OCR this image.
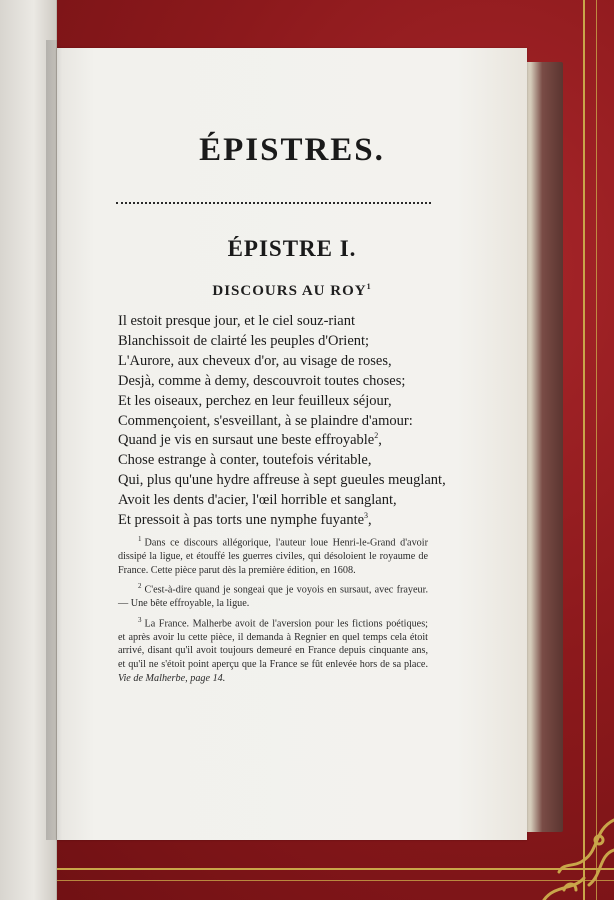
ÉPISTRES.
ÉPISTRE I.
DISCOURS AU ROY$^1$
Il estoit presque jour, et le ciel souz-riant
Blanchissoit de clairté les peuples d'Orient;
L'Aurore, aux cheveux d'or, au visage de roses,
Desjà, comme à demy, descouvroit toutes choses;
Et les oiseaux, perchez en leur feuilleux séjour,
Commençoient, s'esveillant, à se plaindre d'amour:
Quand je vis en sursaut une beste effroyable$^2$,
Chose estrange à conter, toutefois véritable,
Qui, plus qu'une hydre affreuse à sept gueules meuglant,
Avoit les dents d'acier, l'œil horrible et sanglant,
Et pressoit à pas torts une nymphe fuyante$^3$,

$^1$ Dans ce discours allégorique, l'auteur loue Henri-le-Grand d'avoir dissipé la ligue, et étouffé les guerres civiles, qui désoloient le royaume de France. Cette pièce parut dès la première édition, en 1608.

$^2$ C'est-à-dire quand je songeai que je voyois en sursaut, avec frayeur. — Une bête effroyable, la ligue.

$^3$ La France. Malherbe avoit de l'aversion pour les fictions poétiques; et après avoir lu cette pièce, il demanda à Regnier en quel temps cela étoit arrivé, disant qu'il avoit toujours demeuré en France depuis cinquante ans, et qu'il ne s'étoit point aperçu que la France se fût enlevée hors de sa place. Vie de Malherbe, page 14.
